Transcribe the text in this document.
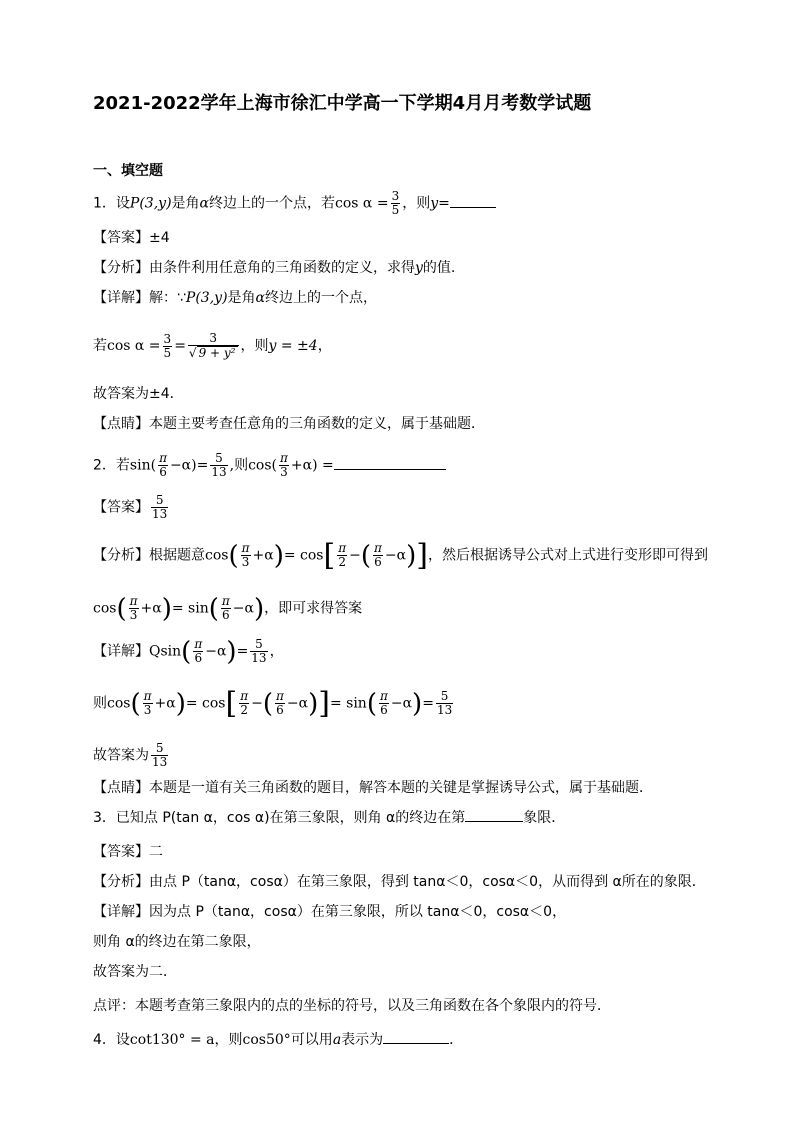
2021-2022学年上海市徐汇中学高一下学期4月月考数学试题
一、填空题
1．设P(3,y)是角α终边上的一个点，若$\cos \alpha = \frac{3}{5}$ ，则y=
【答案】±4
【分析】由条件利用任意角的三角函数的定义，求得y的值.
【详解】解：∵P(3,y)是角α终边上的一个点，
若$\cos \alpha = \frac{3}{5} = \frac{3}{\text{√ 9 + y²}}$ ，则y = ±4，
故答案为±4．
【点睛】本题主要考查任意角的三角函数的定义，属于基础题．
2．若$\sin( \frac{\pi}{6} -\alpha)= \frac{5}{13}$ ,则$\cos( \frac{\pi}{3} +\alpha)$ =
【答案】 $\frac{5}{13}$
【分析】根据题意$\cos( \frac{\pi}{3} +\alpha)= \cos[ \frac{\pi}{2}$ −( $\frac{\pi}{6} -\alpha$)]，然后根据诱导公式对上式进行变形即可得到
$\cos( \frac{\pi}{3} +\alpha)= \sin( \frac{\pi}{6} -\alpha)$，即可求得答案
【详解】$Qsin( \frac{\pi}{6} -\alpha)= \frac{5}{13}$ ，
则$\cos( \frac{\pi}{3} +\alpha)= \cos[ \frac{\pi}{2}$ −( $\frac{\pi}{6} -\alpha)]= \sin( \frac{\pi}{6} -\alpha)= \frac{5}{13}$
故答案为 $\frac{5}{13}$
【点睛】本题是一道有关三角函数的题目，解答本题的关键是掌握诱导公式，属于基础题．
3．已知点 P(tan α，cos α)在第三象限，则角 α的终边在第	象限．
【答案】二
【分析】由点 P（tanα，cosα）在第三象限，得到 tanα＜0，cosα＜0，从而得到 α所在的象限．
【详解】因为点 P（tanα，cosα）在第三象限，所以 tanα＜0，cosα＜0，
则角 α的终边在第二象限，
故答案为二．
点评：本题考查第三象限内的点的坐标的符号，以及三角函数在各个象限内的符号．
4．设cot130° = a，则cos50°可以用a表示为	．
